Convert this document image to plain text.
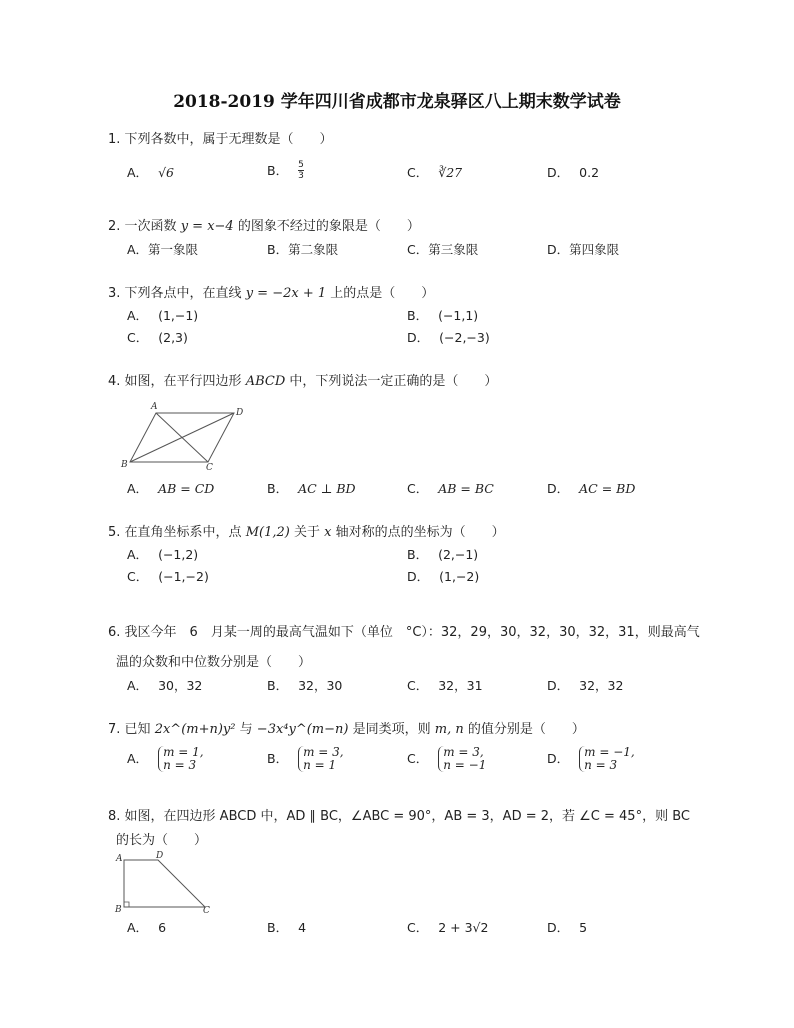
2018-2019 学年四川省成都市龙泉驿区八上期末数学试卷
1. 下列各数中，属于无理数是（　　）
A． √6	B． $\frac{5}{3}$	C． ∛27	D． 0.2
2. 一次函数 y = x−4 的图象不经过的象限是（　　）
A．第一象限	B．第二象限	C．第三象限	D．第四象限
3. 下列各点中，在直线 y = −2x + 1 上的点是（　　）
A． (1,−1)	B． (−1,1)
C． (2,3)	D． (−2,−3)
4. 如图，在平行四边形 ABCD 中，下列说法一定正确的是（　　）
A
D
B	C
A． AB = CD	B． AC ⊥ BD	C． AB = BC	D． AC = BD
5. 在直角坐标系中，点 M(1,2) 关于 x 轴对称的点的坐标为（　　）
A． (−1,2)	B． (2,−1)
C． (−1,−2)	D． (1,−2)
6. 我区今年　6　月某一周的最高气温如下（单位　°C）：32，29，30，32，30，32，31，则最高气
温的众数和中位数分别是（　　）
A． 30，32	B． 32，30	C． 32，31	D． 32，32
7. 已知 2x^(m+n)y² 与 −3x⁴y^(m−n) 是同类项，则 m, n 的值分别是（　　）
A． m = 1,
n = 3	B． m = 3,
n = 1	C． m = 3,
n = −1	D． m = −1,
n = 3
8. 如图，在四边形 ABCD 中，AD ∥ BC，∠ABC = 90°，AB = 3，AD = 2，若 ∠C = 45°，则 BC
的长为（　　）
A	D
B	C
A． 6	B． 4	C． 2 + 3√2	D． 5
